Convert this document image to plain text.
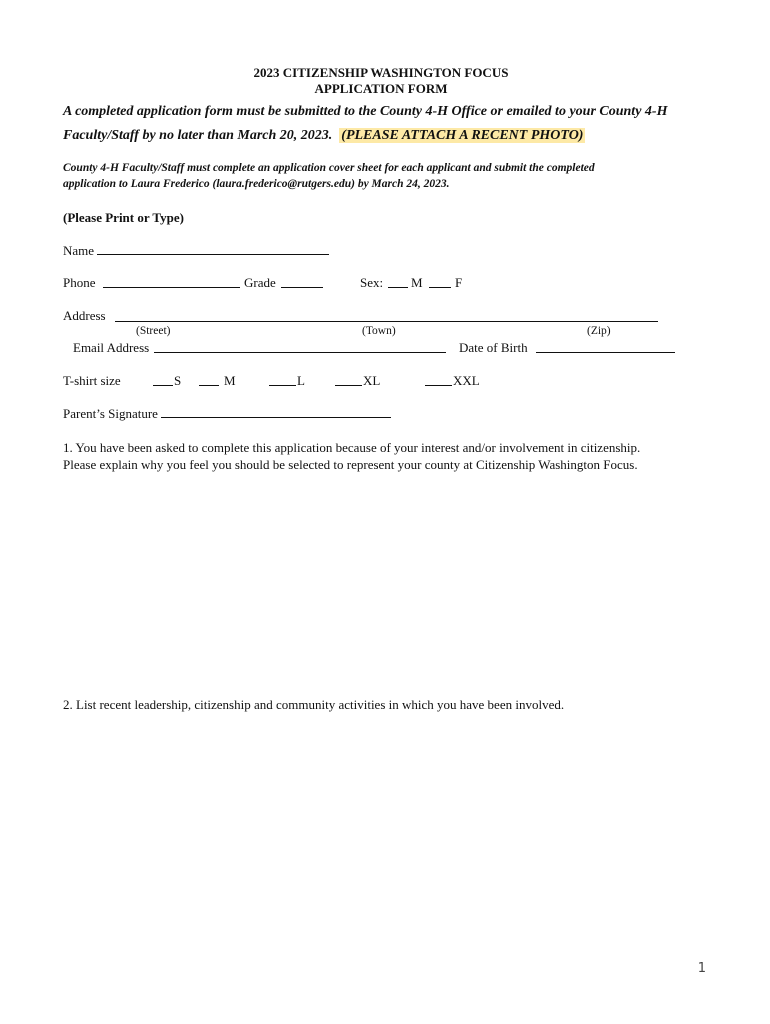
2023 CITIZENSHIP WASHINGTON FOCUS
APPLICATION FORM
A completed application form must be submitted to the County 4-H Office or emailed to your County 4-H
Faculty/Staff by no later than March 20, 2023. (PLEASE ATTACH A RECENT PHOTO)
County 4-H Faculty/Staff must complete an application cover sheet for each applicant and submit the completed
application to Laura Frederico (laura.frederico@rutgers.edu) by March 24, 2023.
(Please Print or Type)
Name
Phone	Grade	Sex: M F
Address
(Street)	(Town)	(Zip)
Email Address	Date of Birth
T-shirt size	S	M	L	XL	XXL
Parent’s Signature
1. You have been asked to complete this application because of your interest and/or involvement in citizenship.
Please explain why you feel you should be selected to represent your county at Citizenship Washington Focus.
2. List recent leadership, citizenship and community activities in which you have been involved.
1
